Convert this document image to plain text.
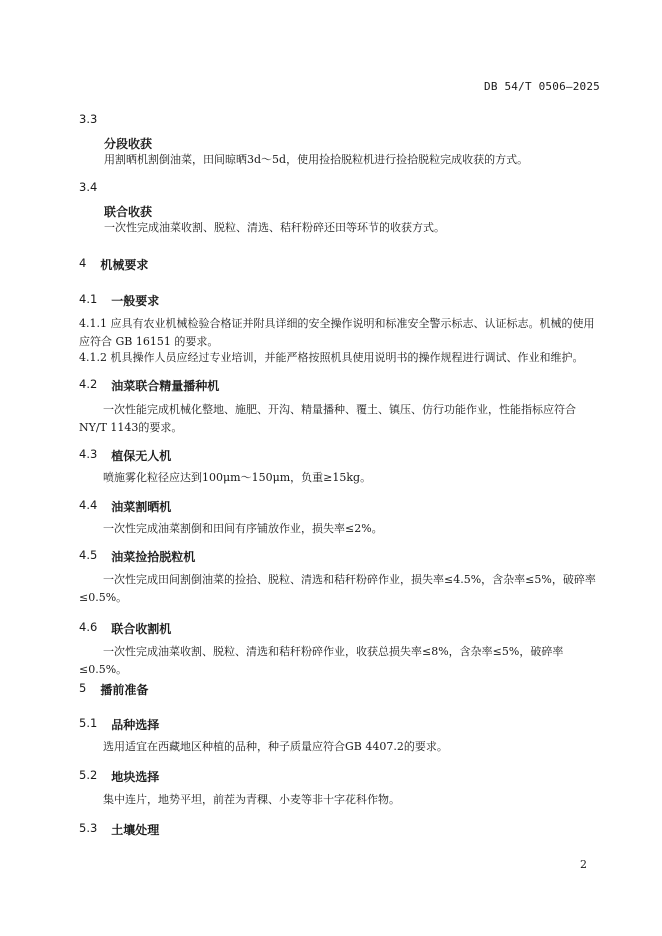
DB 54/T 0506—2025
3.3
分段收获
用割晒机割倒油菜，田间晾晒3d～5d，使用捡拾脱粒机进行捡拾脱粒完成收获的方式。
3.4
联合收获
一次性完成油菜收割、脱粒、清选、秸秆粉碎还田等环节的收获方式。
4 机械要求
4.1 一般要求
4.1.1 应具有农业机械检验合格证并附具详细的安全操作说明和标准安全警示标志、认证标志。机械的使用应符合 GB 16151 的要求。
4.1.2 机具操作人员应经过专业培训，并能严格按照机具使用说明书的操作规程进行调试、作业和维护。
4.2 油菜联合精量播种机
一次性能完成机械化整地、施肥、开沟、精量播种、覆土、镇压、仿行功能作业，性能指标应符合 NY/T 1143的要求。
4.3 植保无人机
喷施雾化粒径应达到100μm～150μm，负重≥15kg。
4.4 油菜割晒机
一次性完成油菜割倒和田间有序铺放作业，损失率≤2%。
4.5 油菜捡拾脱粒机
一次性完成田间割倒油菜的捡拾、脱粒、清选和秸秆粉碎作业，损失率≤4.5%，含杂率≤5%，破碎率≤0.5%。
4.6 联合收割机
一次性完成油菜收割、脱粒、清选和秸秆粉碎作业，收获总损失率≤8%，含杂率≤5%，破碎率≤0.5%。
5 播前准备
5.1 品种选择
选用适宜在西藏地区种植的品种，种子质量应符合GB 4407.2的要求。
5.2 地块选择
集中连片，地势平坦，前茬为青稞、小麦等非十字花科作物。
5.3 土壤处理
2
